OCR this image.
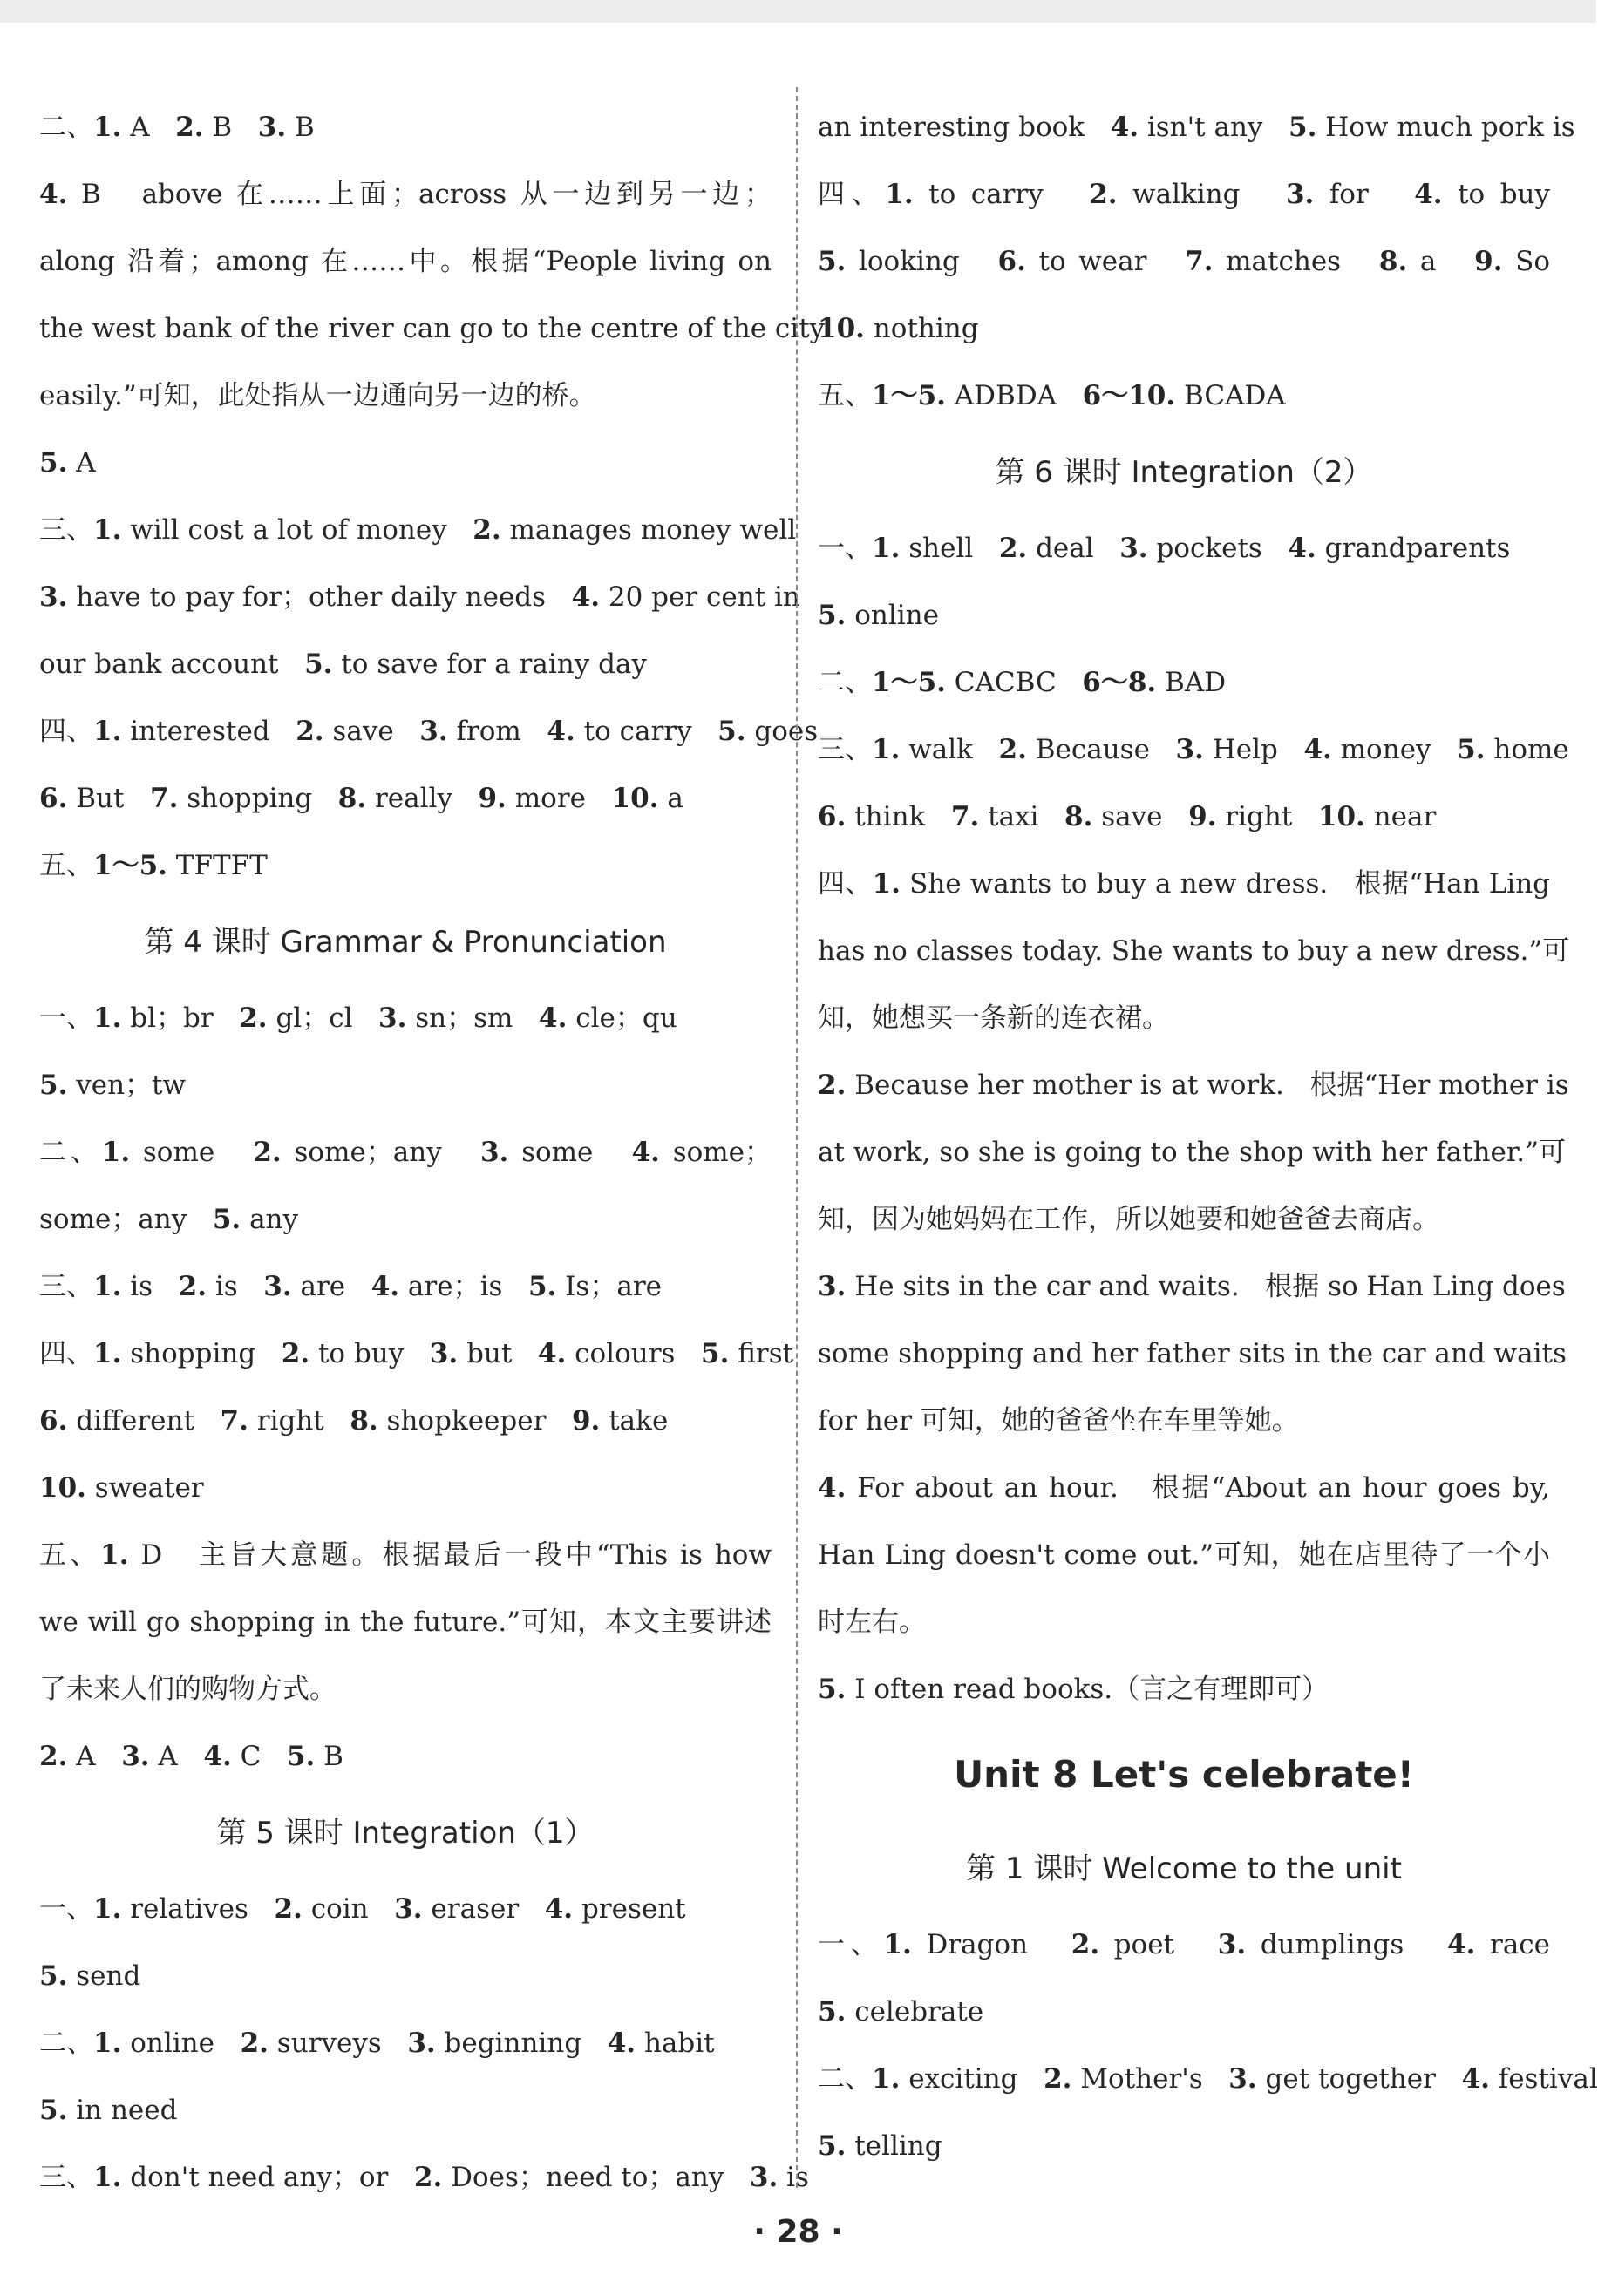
二、1. A   2. B   3. B
4. B   above 在……上面；across 从一边到另一边；
along 沿着；among 在……中。根据“People living on
the west bank of the river can go to the centre of the city
easily.”可知，此处指从一边通向另一边的桥。
5. A
三、1. will cost a lot of money   2. manages money well
3. have to pay for；other daily needs   4. 20 per cent in
our bank account   5. to save for a rainy day
四、1. interested   2. save   3. from   4. to carry   5. goes
6. But   7. shopping   8. really   9. more   10. a
五、1～5. TFTFT
第 4 课时 Grammar & Pronunciation
一、1. bl；br   2. gl；cl   3. sn；sm   4. cle；qu
5. ven；tw
二、1. some   2. some；any   3. some   4. some；
some；any   5. any
三、1. is   2. is   3. are   4. are；is   5. Is；are
四、1. shopping   2. to buy   3. but   4. colours   5. first
6. different   7. right   8. shopkeeper   9. take
10. sweater
五、1. D   主旨大意题。根据最后一段中“This is how
we will go shopping in the future.”可知，本文主要讲述
了未来人们的购物方式。
2. A   3. A   4. C   5. B
第 5 课时 Integration（1）
一、1. relatives   2. coin   3. eraser   4. present
5. send
二、1. online   2. surveys   3. beginning   4. habit
5. in need
三、1. don't need any；or   2. Does；need to；any   3. is
an interesting book   4. isn't any   5. How much pork is
四、1. to carry   2. walking   3. for   4. to buy
5. looking   6. to wear   7. matches   8. a   9. So
10. nothing
五、1～5. ADBDA   6～10. BCADA
第 6 课时 Integration（2）
一、1. shell   2. deal   3. pockets   4. grandparents
5. online
二、1～5. CACBC   6～8. BAD
三、1. walk   2. Because   3. Help   4. money   5. home
6. think   7. taxi   8. save   9. right   10. near
四、1. She wants to buy a new dress.   根据“Han Ling
has no classes today. She wants to buy a new dress.”可
知，她想买一条新的连衣裙。
2. Because her mother is at work.   根据“Her mother is
at work, so she is going to the shop with her father.”可
知，因为她妈妈在工作，所以她要和她爸爸去商店。
3. He sits in the car and waits.   根据 so Han Ling does
some shopping and her father sits in the car and waits
for her 可知，她的爸爸坐在车里等她。
4. For about an hour.   根据“About an hour goes by,
Han Ling doesn't come out.”可知，她在店里待了一个小
时左右。
5. I often read books.（言之有理即可）
Unit 8 Let's celebrate!
第 1 课时 Welcome to the unit
一、1. Dragon   2. poet   3. dumplings   4. race
5. celebrate
二、1. exciting   2. Mother's   3. get together   4. festival
5. telling
· 28 ·
